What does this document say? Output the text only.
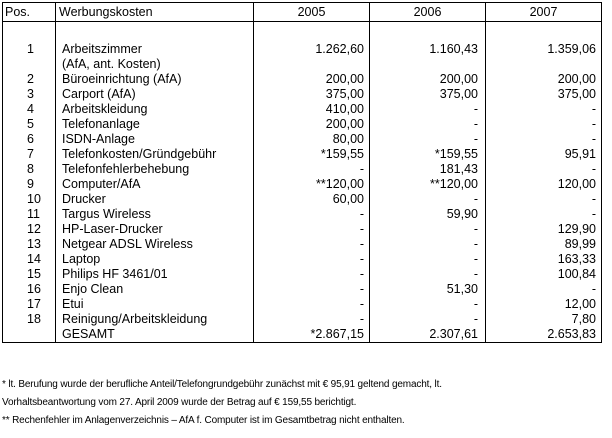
Pos.	Werbungskosten	2005	2006	2007

1	Arbeitszimmer	1.262,60	1.160,43	1.359,06
	(AfA, ant. Kosten)			
2	Büroeinrichtung (AfA)	200,00	200,00	200,00
3	Carport (AfA)	375,00	375,00	375,00
4	Arbeitskleidung	410,00	-	-
5	Telefonanlage	200,00	-	-
6	ISDN-Anlage	80,00	-	-
7	Telefonkosten/Gründgebühr	*159,55	*159,55	95,91
8	Telefonfehlerbehebung	-	181,43	-
9	Computer/AfA	**120,00	**120,00	120,00
10	Drucker	60,00	-	-
11	Targus Wireless	-	59,90	-
12	HP-Laser-Drucker	-	-	129,90
13	Netgear ADSL Wireless	-	-	89,99
14	Laptop	-	-	163,33
15	Philips HF 3461/01	-	-	100,84
16	Enjo Clean	-	51,30	-
17	Etui	-	-	12,00
18	Reinigung/Arbeitskleidung	-	-	7,80
	GESAMT	*2.867,15	2.307,61	2.653,83

* lt. Berufung wurde der berufliche Anteil/Telefongrundgebühr zunächst mit € 95,91 geltend gemacht, lt.

Vorhaltsbeantwortung vom 27. April 2009 wurde der Betrag auf € 159,55 berichtigt.

** Rechenfehler im Anlagenverzeichnis – AfA f. Computer ist im Gesamtbetrag nicht enthalten.
